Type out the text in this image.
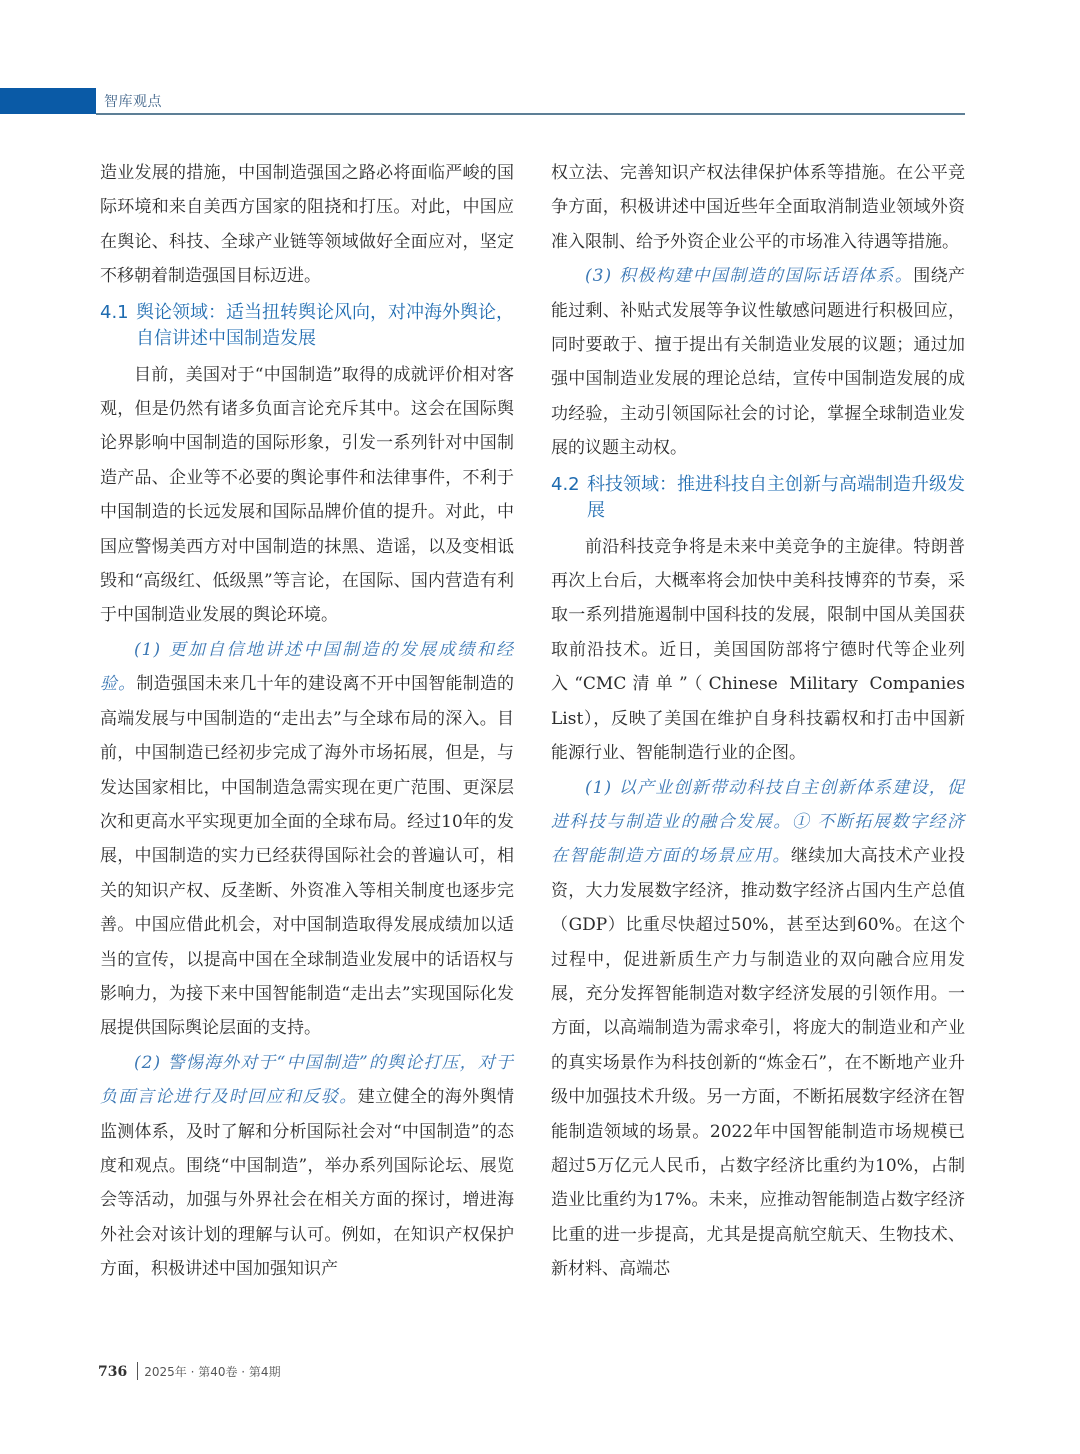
智库观点

造业发展的措施，中国制造强国之路必将面临严峻的国际环境和来自美西方国家的阻挠和打压。对此，中国应在舆论、科技、全球产业链等领域做好全面应对，坚定不移朝着制造强国目标迈进。

4.1 舆论领域：适当扭转舆论风向，对冲海外舆论，自信讲述中国制造发展

目前，美国对于“中国制造”取得的成就评价相对客观，但是仍然有诸多负面言论充斥其中。这会在国际舆论界影响中国制造的国际形象，引发一系列针对中国制造产品、企业等不必要的舆论事件和法律事件，不利于中国制造的长远发展和国际品牌价值的提升。对此，中国应警惕美西方对中国制造的抹黑、造谣，以及变相诋毁和“高级红、低级黑”等言论，在国际、国内营造有利于中国制造业发展的舆论环境。

(1) 更加自信地讲述中国制造的发展成绩和经验。制造强国未来几十年的建设离不开中国智能制造的高端发展与中国制造的“走出去”与全球布局的深入。目前，中国制造已经初步完成了海外市场拓展，但是，与发达国家相比，中国制造急需实现在更广范围、更深层次和更高水平实现更加全面的全球布局。经过10年的发展，中国制造的实力已经获得国际社会的普遍认可，相关的知识产权、反垄断、外资准入等相关制度也逐步完善。中国应借此机会，对中国制造取得发展成绩加以适当的宣传，以提高中国在全球制造业发展中的话语权与影响力，为接下来中国智能制造“走出去”实现国际化发展提供国际舆论层面的支持。

(2) 警惕海外对于“中国制造”的舆论打压，对于负面言论进行及时回应和反驳。建立健全的海外舆情监测体系，及时了解和分析国际社会对“中国制造”的态度和观点。围绕“中国制造”，举办系列国际论坛、展览会等活动，加强与外界社会在相关方面的探讨，增进海外社会对该计划的理解与认可。例如，在知识产权保护方面，积极讲述中国加强知识产

权立法、完善知识产权法律保护体系等措施。在公平竞争方面，积极讲述中国近些年全面取消制造业领域外资准入限制、给予外资企业公平的市场准入待遇等措施。

(3) 积极构建中国制造的国际话语体系。围绕产能过剩、补贴式发展等争议性敏感问题进行积极回应，同时要敢于、擅于提出有关制造业发展的议题；通过加强中国制造业发展的理论总结，宣传中国制造发展的成功经验，主动引领国际社会的讨论，掌握全球制造业发展的议题主动权。

4.2 科技领域：推进科技自主创新与高端制造升级发展

前沿科技竞争将是未来中美竞争的主旋律。特朗普再次上台后，大概率将会加快中美科技博弈的节奏，采取一系列措施遏制中国科技的发展，限制中国从美国获取前沿技术。近日，美国国防部将宁德时代等企业列入“CMC清单”（Chinese Military Companies List），反映了美国在维护自身科技霸权和打击中国新能源行业、智能制造行业的企图。

(1) 以产业创新带动科技自主创新体系建设，促进科技与制造业的融合发展。① 不断拓展数字经济在智能制造方面的场景应用。继续加大高技术产业投资，大力发展数字经济，推动数字经济占国内生产总值（GDP）比重尽快超过50%，甚至达到60%。在这个过程中，促进新质生产力与制造业的双向融合应用发展，充分发挥智能制造对数字经济发展的引领作用。一方面，以高端制造为需求牵引，将庞大的制造业和产业的真实场景作为科技创新的“炼金石”，在不断地产业升级中加强技术升级。另一方面，不断拓展数字经济在智能制造领域的场景。2022年中国智能制造市场规模已超过5万亿元人民币，占数字经济比重约为10%，占制造业比重约为17%。未来，应推动智能制造占数字经济比重的进一步提高，尤其是提高航空航天、生物技术、新材料、高端芯

736 2025年 · 第40卷 · 第4期
